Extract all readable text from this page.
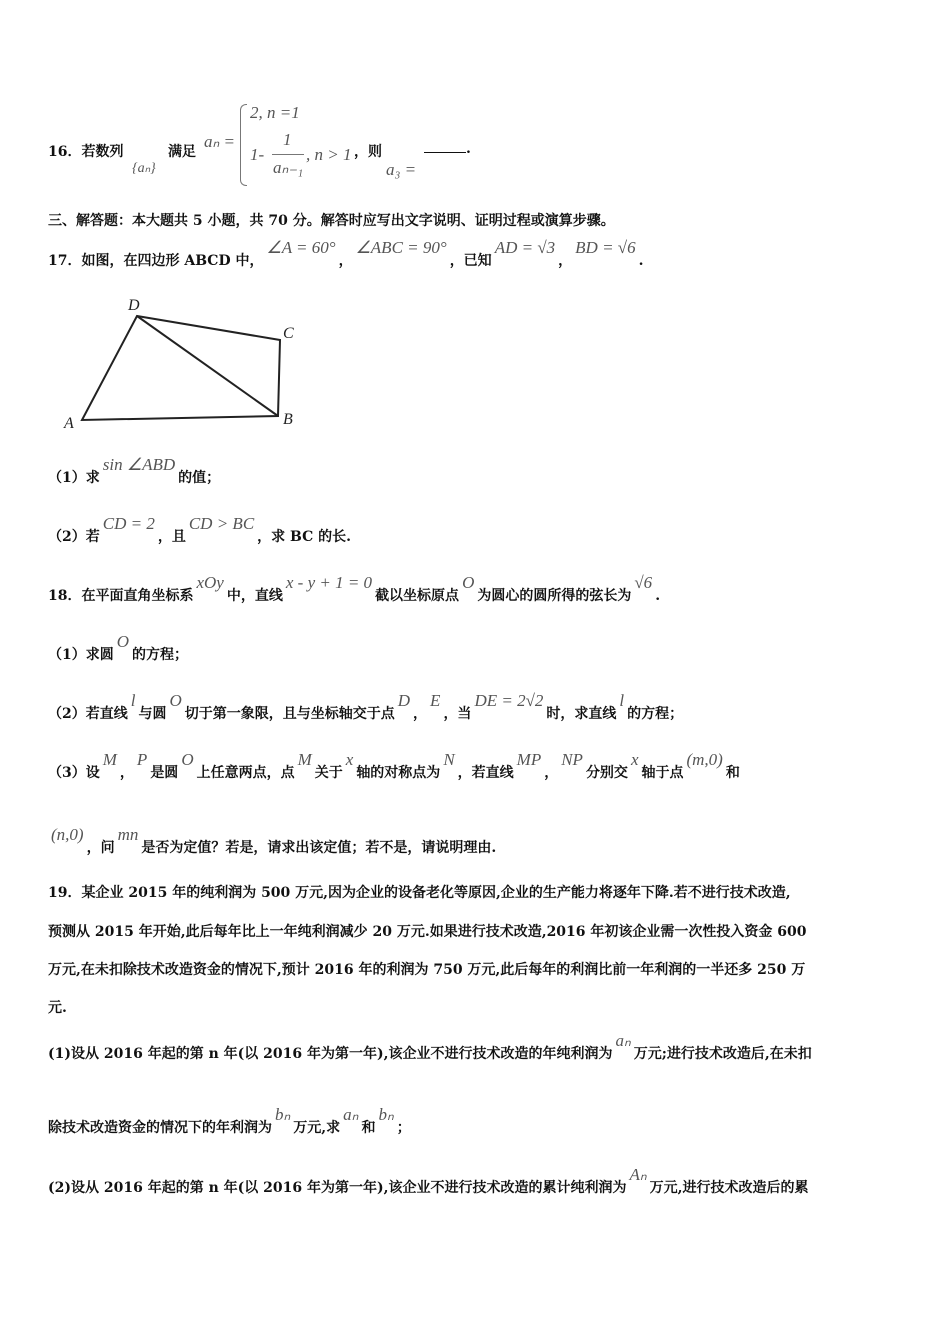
16．若数列
{aₙ}
满足
aₙ =
2, n =1
1-
1
aₙ₋₁
, n > 1 ，则
a₃ =
.
三、解答题：本大题共 5 小题，共 70 分。解答时应写出文字说明、证明过程或演算步骤。
17．如图，在四边形 ABCD 中，∠A = 60°，∠ABC = 90°，已知AD = √3，BD = √6.
（1）求sin ∠ABD的值；
（2）若CD = 2，且CD > BC，求 BC 的长.
18．在平面直角坐标系xOy中，直线x - y + 1 = 0截以坐标原点O为圆心的圆所得的弦长为√6.
（1）求圆O的方程；
（2）若直线l与圆O切于第一象限，且与坐标轴交于点D，E，当DE = 2√2时，求直线l的方程；
（3）设M，P是圆O上任意两点，点M关于x轴的对称点为N，若直线MP，NP分别交x轴于点(m,0)和
(n,0)，问mn是否为定值？若是，请求出该定值；若不是，请说明理由.
19．某企业 2015 年的纯利润为 500 万元,因为企业的设备老化等原因,企业的生产能力将逐年下降.若不进行技术改造,
预测从 2015 年开始,此后每年比上一年纯利润减少 20 万元.如果进行技术改造,2016 年初该企业需一次性投入资金 600
万元,在未扣除技术改造资金的情况下,预计 2016 年的利润为 750 万元,此后每年的利润比前一年利润的一半还多 250 万
元.
(1)设从 2016 年起的第 n 年(以 2016 年为第一年),该企业不进行技术改造的年纯利润为aₙ万元;进行技术改造后,在未扣
除技术改造资金的情况下的年利润为bₙ万元,求aₙ和bₙ；
(2)设从 2016 年起的第 n 年(以 2016 年为第一年),该企业不进行技术改造的累计纯利润为Aₙ万元,进行技术改造后的累
D
C
B
A
